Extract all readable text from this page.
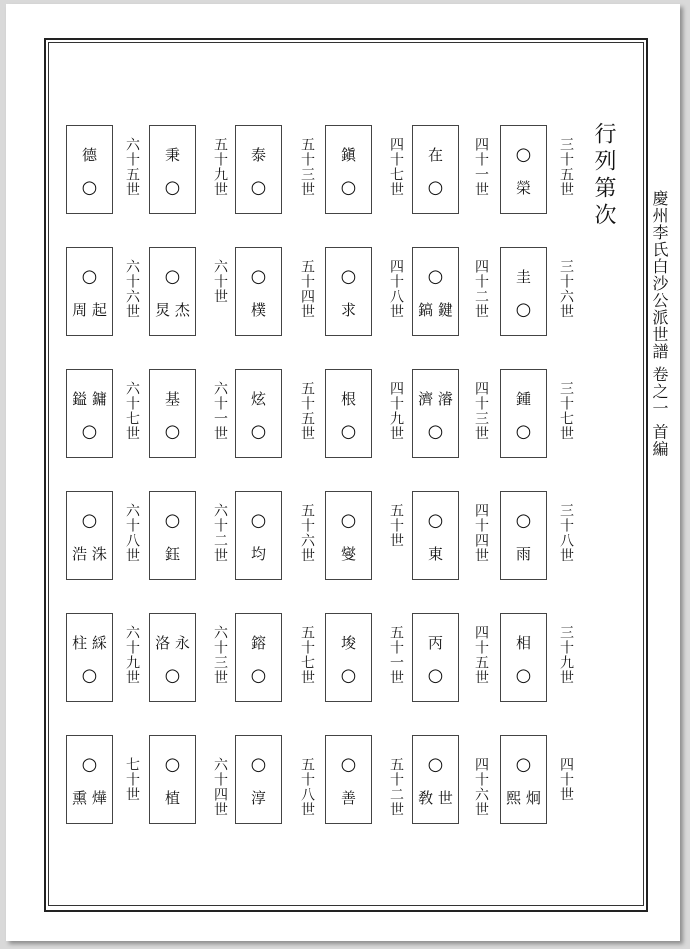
慶州李氏白沙公派世譜 卷之一 首編
行列第次
三十五世
○
榮
三十六世
圭
○
三十七世
鍾
○
三十八世
○
雨
三十九世
相
○
四十世
○
熙 炯
四十一世
在
○
四十二世
○
鎬 鍵
四十三世
濟 濬
○
四十四世
○
東
四十五世
丙
○
四十六世
○
敎 世
四十七世
鎭
○
四十八世
○
求
四十九世
根
○
五十世
○
燮
五十一世
埈
○
五十二世
○
善
五十三世
泰
○
五十四世
○
樸
五十五世
炫
○
五十六世
○
均
五十七世
鎔
○
五十八世
○
淳
五十九世
秉
○
六十世
○
炅 杰
六十一世
基
○
六十二世
○
鈺
六十三世
洛 永
○
六十四世
○
植
六十五世
德
○
六十六世
○
周 起
六十七世
鎰 鏞
○
六十八世
○
浩 洙
六十九世
柱 綵
○
七十世
○
熏 燁
